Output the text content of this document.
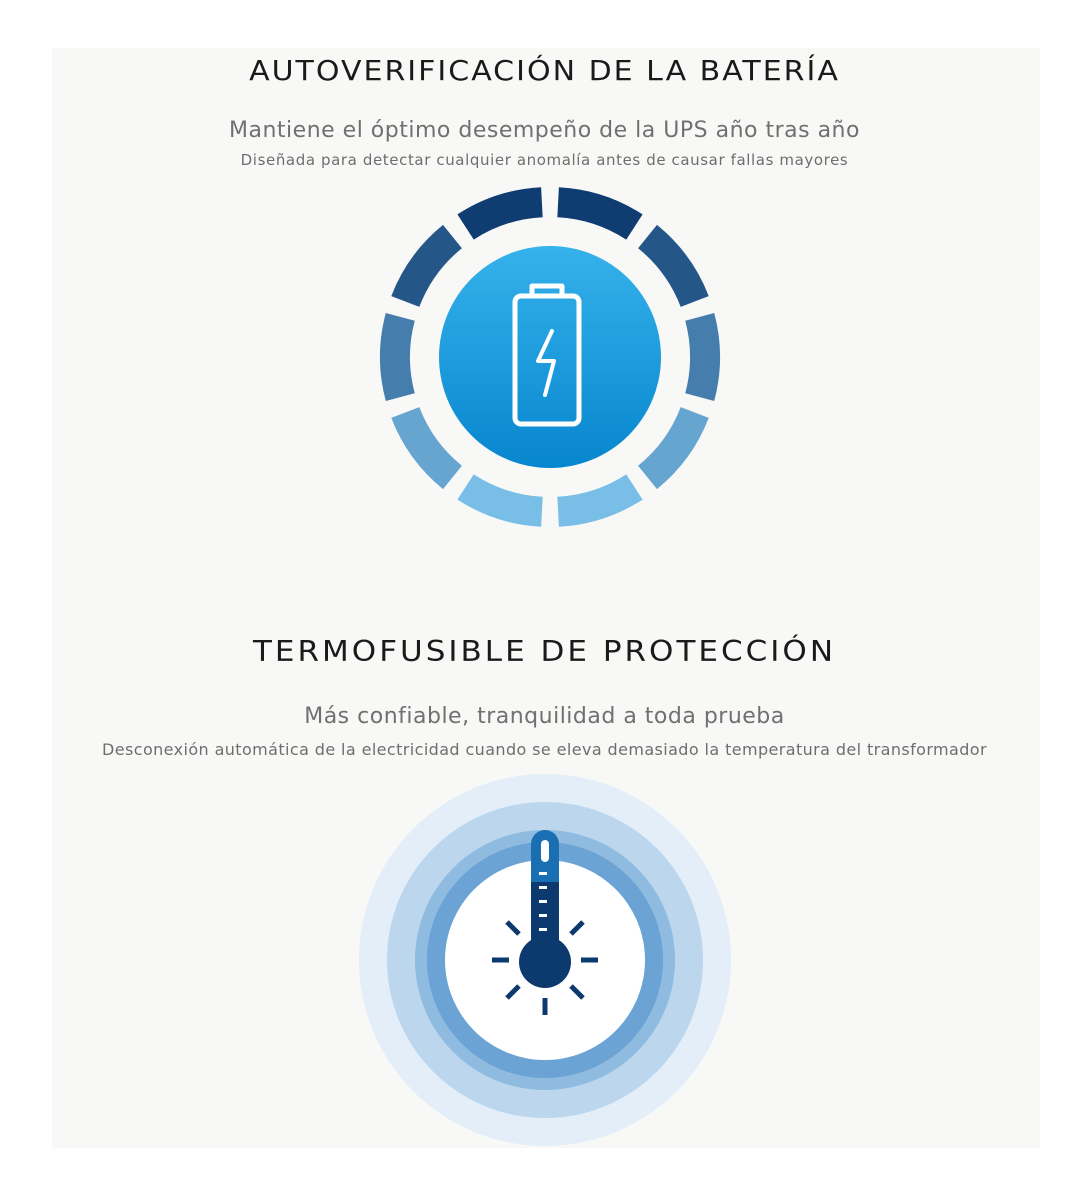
AUTOVERIFICACIÓN DE LA BATERÍA
Mantiene el óptimo desempeño de la UPS año tras año
Diseñada para detectar cualquier anomalía antes de causar fallas mayores
TERMOFUSIBLE DE PROTECCIÓN
Más confiable, tranquilidad a toda prueba
Desconexión automática de la electricidad cuando se eleva demasiado la temperatura del transformador
